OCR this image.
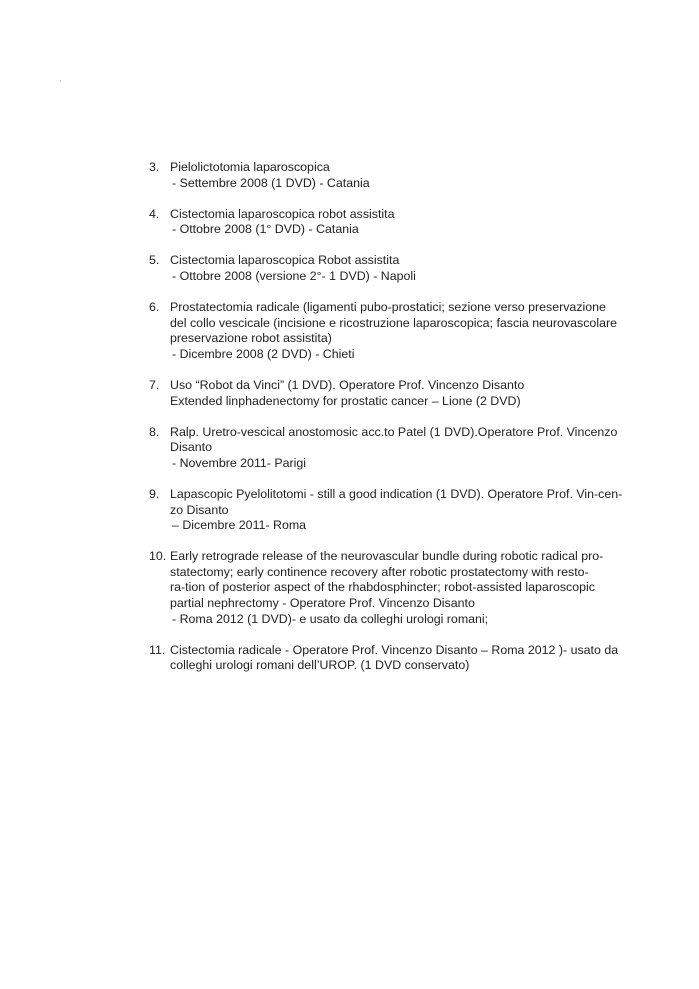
3. Pielolictotomia laparoscopica
- Settembre 2008 (1 DVD) - Catania
4. Cistectomia laparoscopica robot assistita
- Ottobre 2008 (1° DVD) - Catania
5. Cistectomia laparoscopica Robot assistita
- Ottobre 2008 (versione 2°- 1 DVD) - Napoli
6. Prostatectomia radicale (ligamenti pubo-prostatici; sezione verso preservazione
del collo vescicale (incisione e ricostruzione laparoscopica; fascia neurovascolare
preservazione robot assistita)
- Dicembre 2008 (2 DVD) - Chieti
7. Uso “Robot da Vinci” (1 DVD). Operatore Prof. Vincenzo Disanto
Extended linphadenectomy for prostatic cancer – Lione (2 DVD)
8. Ralp. Uretro-vescical anostomosic acc.to Patel (1 DVD).Operatore Prof. Vincenzo
Disanto
- Novembre 2011- Parigi
9. Lapascopic Pyelolitotomi - still a good indication (1 DVD). Operatore Prof. Vin-cen-
zo Disanto
– Dicembre 2011- Roma
10. Early retrograde release of the neurovascular bundle during robotic radical pro-
statectomy; early continence recovery after robotic prostatectomy with resto-
ra-tion of posterior aspect of the rhabdosphincter; robot-assisted laparoscopic
partial nephrectomy - Operatore Prof. Vincenzo Disanto
- Roma 2012 (1 DVD)- e usato da colleghi urologi romani;
11. Cistectomia radicale - Operatore Prof. Vincenzo Disanto – Roma 2012 )- usato da
colleghi urologi romani dell’UROP. (1 DVD conservato)
